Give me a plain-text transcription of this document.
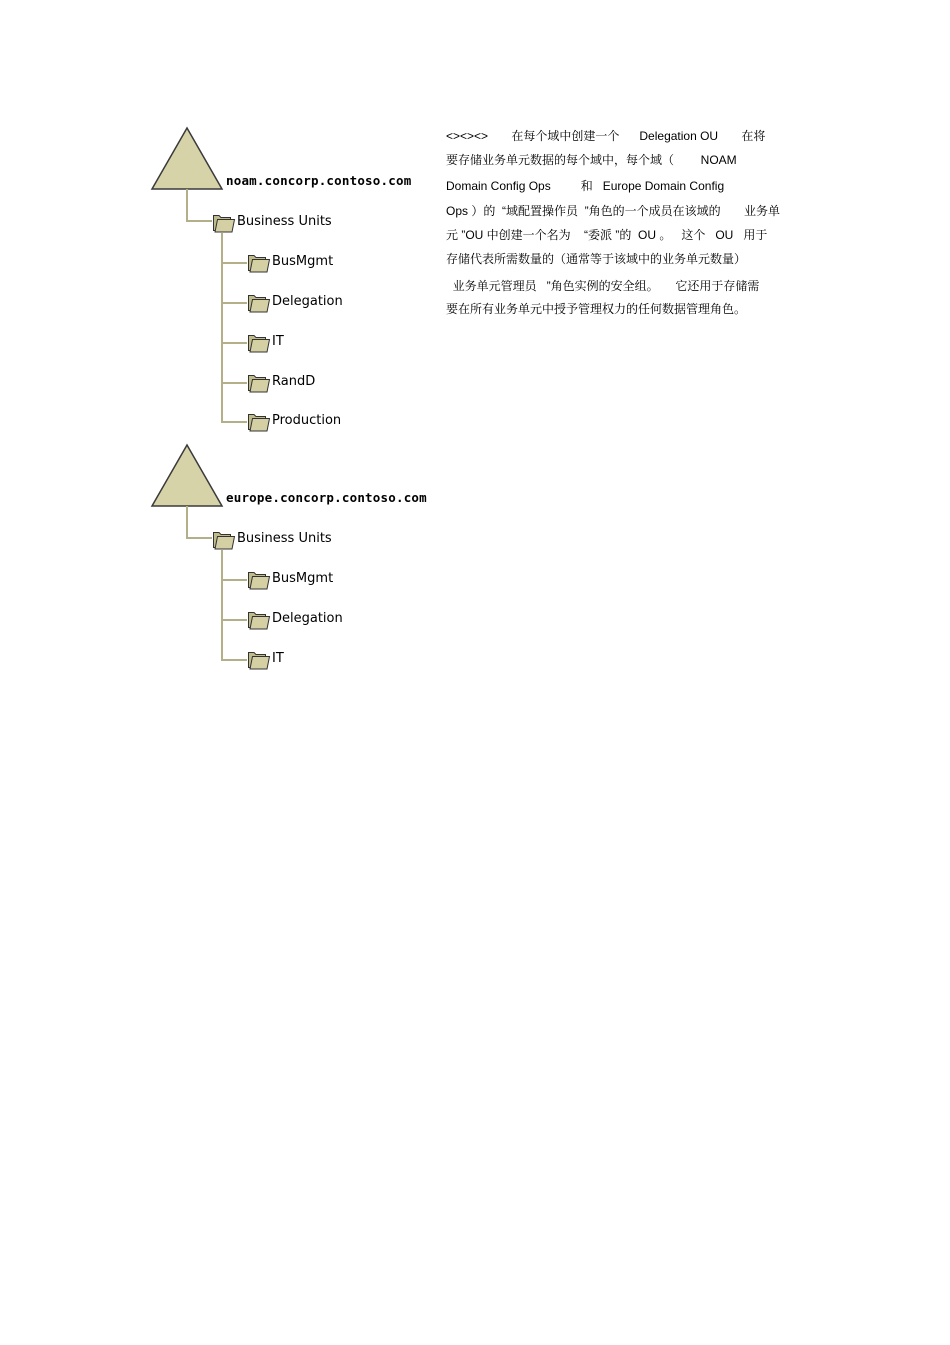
noam.concorp.contoso.com
Business Units
BusMgmt
Delegation
IT
RandD
Production
europe.concorp.contoso.com
Business Units
BusMgmt
Delegation
IT
<><><>       在每个域中创建一个      Delegation OU       在将
要存储业务单元数据的每个域中，每个域（        NOAM
Domain Config Ops         和   Europe Domain Config
Ops ）的  “域配置操作员  ”角色的一个成员在该域的       业务单
元 ”OU 中创建一个名为    “委派 ”的  OU 。   这个   OU   用于
存储代表所需数量的（通常等于该域中的业务单元数量）
业务单元管理员   ”角色实例的安全组。     它还用于存储需
要在所有业务单元中授予管理权力的任何数据管理角色。
